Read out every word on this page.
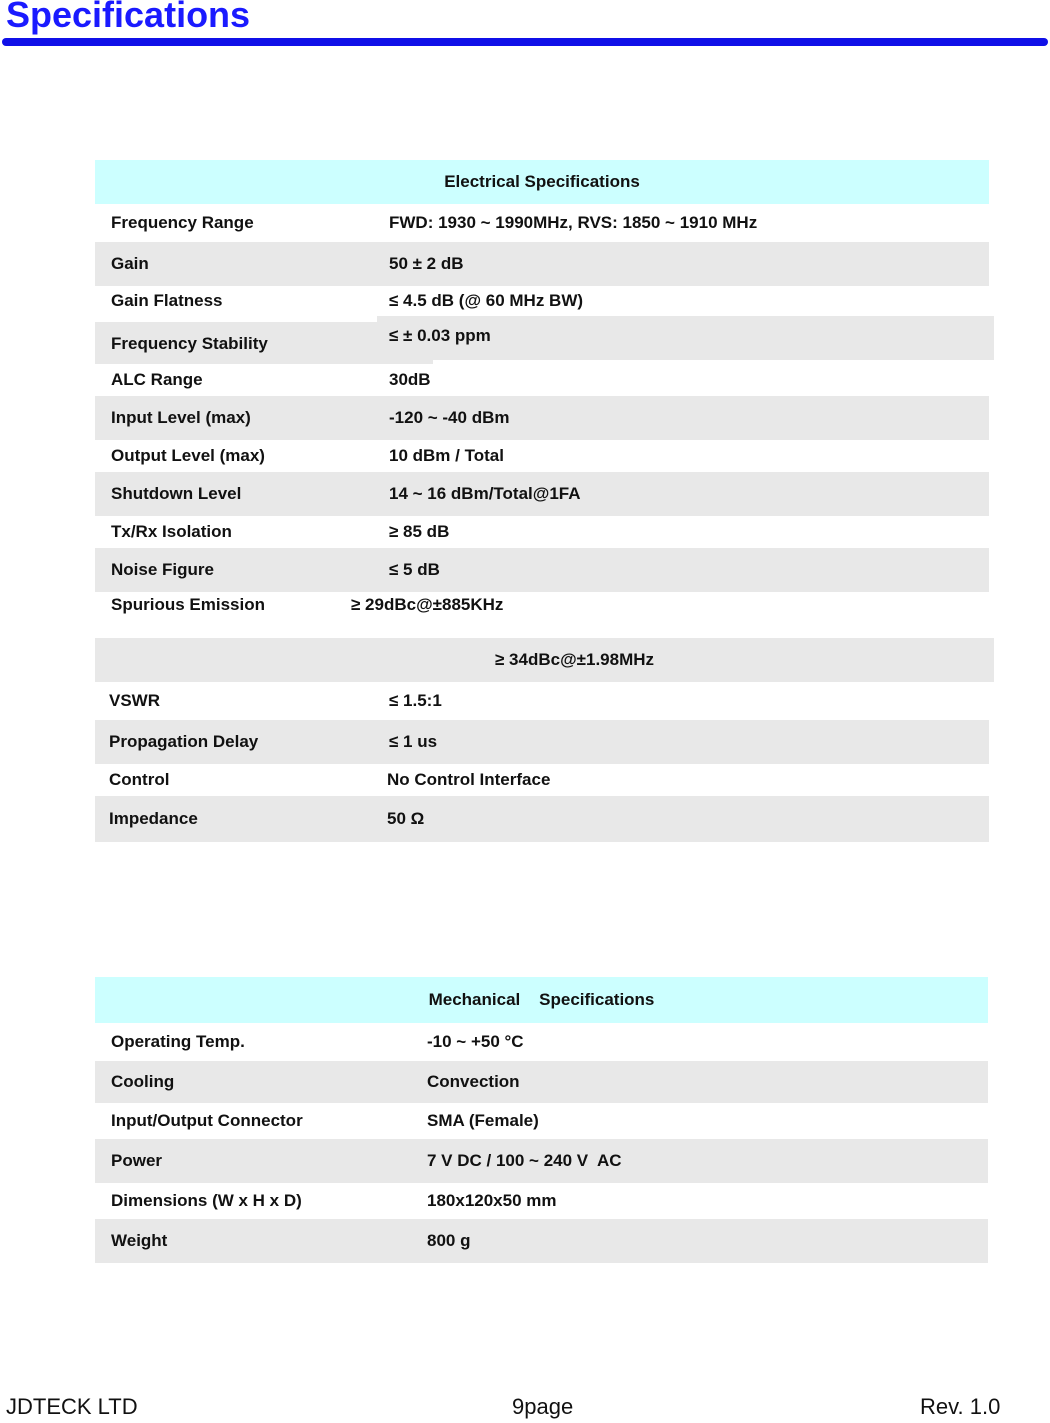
Specifications
Electrical Specifications
Frequency Range	FWD: 1930 ~ 1990MHz, RVS: 1850 ~ 1910 MHz
Gain	50 ± 2 dB
Gain Flatness	≤ 4.5 dB (@ 60 MHz BW)
Frequency Stability	≤ ± 0.03 ppm
ALC Range	30dB
Input Level (max)	-120 ~ -40 dBm
Output Level (max)	10 dBm / Total
Shutdown Level	14 ~ 16 dBm/Total@1FA
Tx/Rx Isolation	≥ 85 dB
Noise Figure	≤ 5 dB
Spurious Emission	≥ 29dBc@±885KHz
≥ 34dBc@±1.98MHz
VSWR	≤ 1.5:1
Propagation Delay	≤ 1 us
Control	No Control Interface
Impedance	50 Ω
Mechanical    Specifications
Operating Temp.	-10 ~ +50 °C
Cooling	Convection
Input/Output Connector	SMA (Female)
Power	7 V DC / 100 ~ 240 V  AC
Dimensions (W x H x D)	180x120x50 mm
Weight	800 g
JDTECK LTD	9page	Rev. 1.0
